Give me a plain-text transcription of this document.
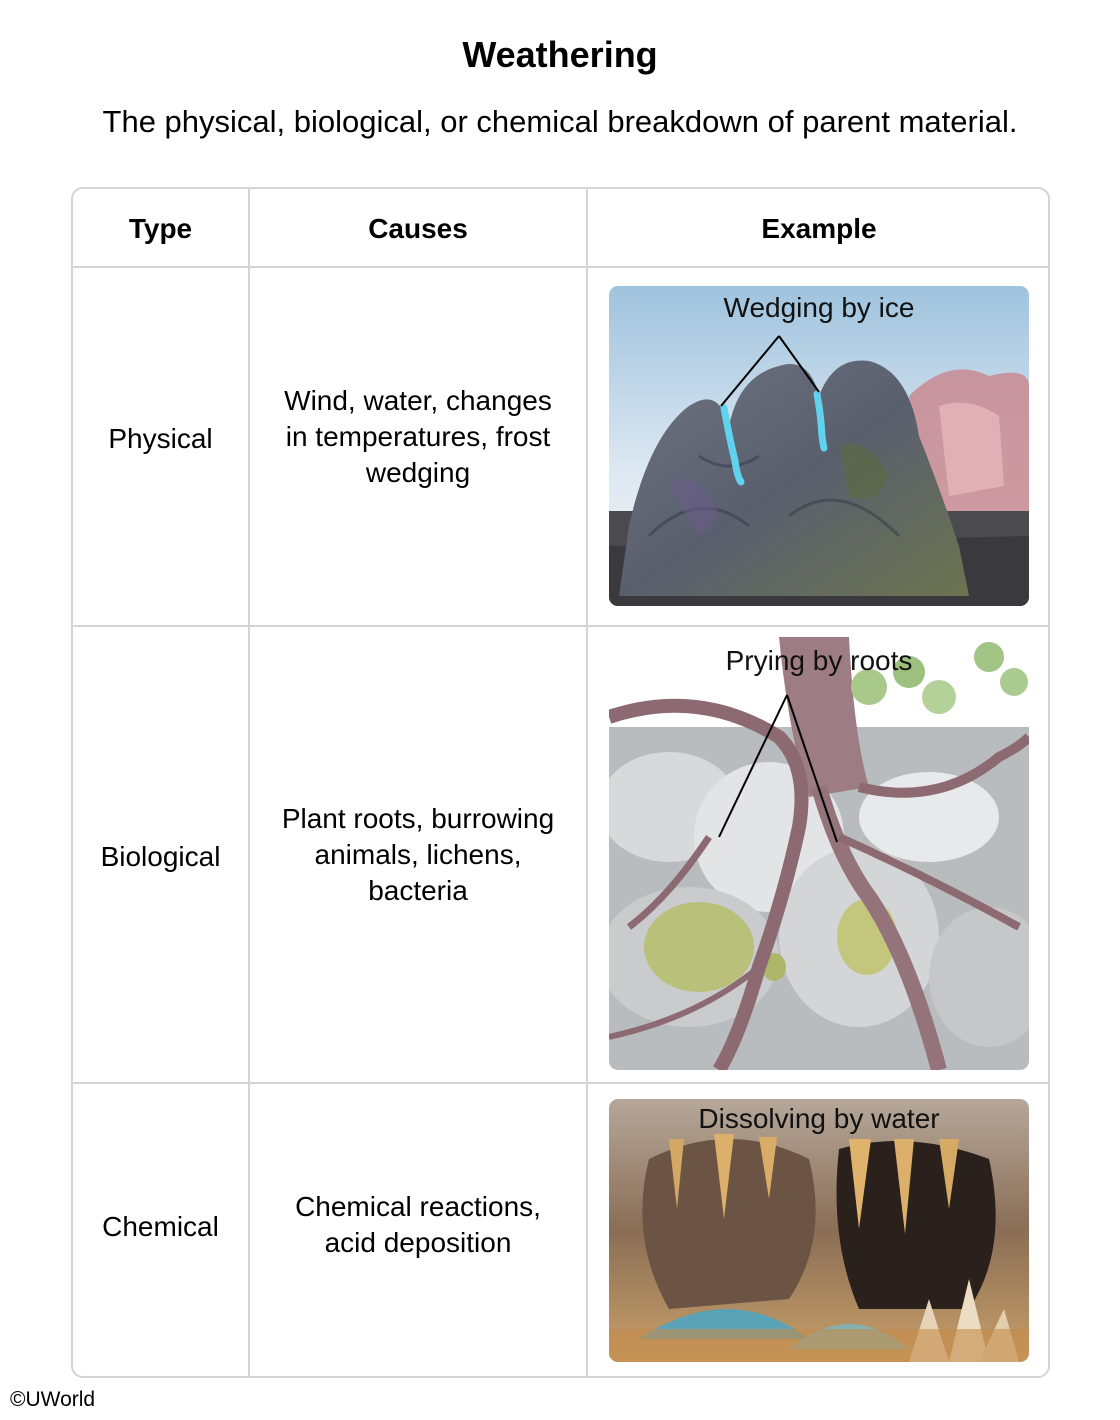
Weathering
The physical, biological, or chemical breakdown of parent material.
Type	Causes	Example
Physical
Wind, water, changes
in temperatures, frost
wedging
Wedging by ice
Biological
Plant roots, burrowing
animals, lichens,
bacteria
Prying by roots
Chemical
Chemical reactions,
acid deposition
Dissolving by water
©UWorld
